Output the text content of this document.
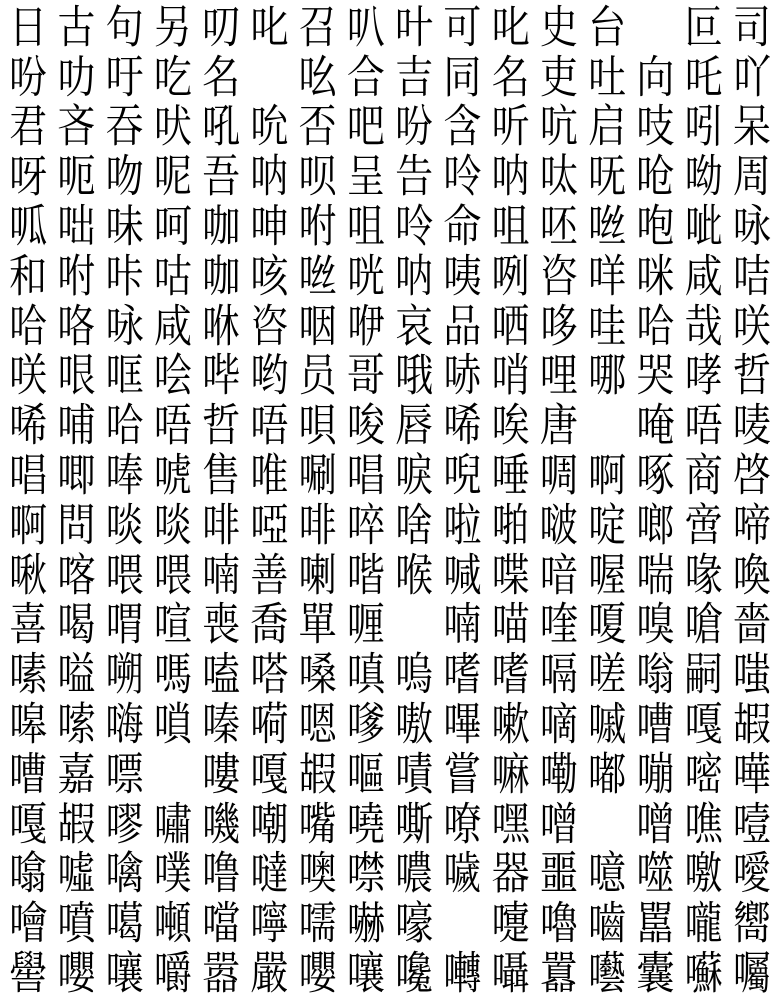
日 古 句 另 叨 叱 召 叭 叶 可 叱 史 台 叵 司
吩 叻 吁 吃 名 吆 合 吉 同 名 吏 吐 向 吒 吖
君 吝 吞 吠 吼 吮 否 吧 吩 含 听 吭 启 吱 吲 呆
呀 呃 吻 呢 吾 呐 呗 呈 告 呤 呐 呔 呒 呛 呦 周
呱 咄 味 呵 咖 呻 咐 咀 呤 命 咀 呸 咝 咆 呲 咏
和 咐 咔 咕 咖 咳 咝 咣 呐 咦 咧 咨 咩 咪 咸 咭
哈 咯 咏 咸 咻 咨 咽 咿 哀 品 哂 哆 哇 哈 哉 咲
咲 哏 哐 哙 哔 哟 员 哥 哦 哧 哨 哩 哪 哭 哮 哲
唏 哺 哈 唔 哲 唔 唄 唆 唇 唏 唉 唐 唵 唔 唛
唱 唧 唪 唬 售 唯 唰 唱 唳 唲 唾 啁 啊 啄 商 啓
啊 問 啖 啖 啡 啞 啡 啐 啥 啦 啪 啵 啶 啷 啻 啼
啾 喀 喂 喂 喃 善 喇 喈 喉 喊 喋 喑 喔 喘 喙 喚
喜 喝 喟 喧 喪 喬 單 喱 喃 喵 喹 嗄 嗅 嗆 嗇
嗉 嗌 嗍 嗎 嗑 嗒 嗓 嗔 嗚 嗜 嗜 嗝 嗟 嗡 嗣 嗤
嗥 嗦 嗨 嗩 嗪 嗬 嗯 嗲 嗷 嗶 嗽 嘀 嘁 嘈 嘎 嘏
嘈 嘉 嘌 嘍 嘎 嘏 嘔 嘖 嘗 嘛 嘞 嘟 嘣 嘧 嘩
嘎 嘏 嘐 嘯 嘰 嘲 嘴 嘵 嘶 嘹 嘿 噌 噌 噍 噎
噏 噓 噙 噗 噜 噠 噢 噤 噥 噦 器 噩 噫 噬 噭 噯
噲 噴 噶 噸 噹 嚀 嚅 嚇 嚎 嚏 嚕 嚙 嚚 嚨 嚮
嚳 嚶 嚷 嚼 嚣 嚴 嚶 嚷 嚵 囀 囁 囂 囈 囊 囌 囑
